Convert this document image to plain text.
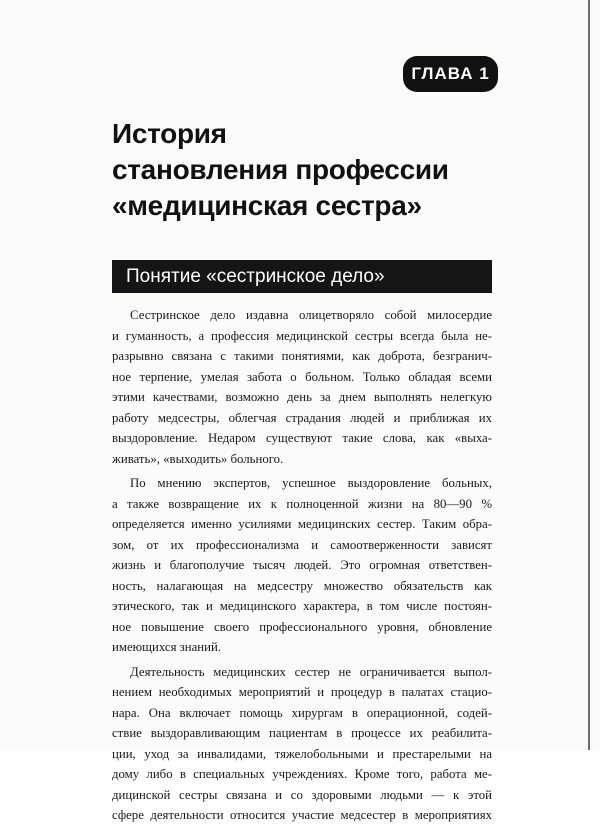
ГЛАВА 1
История
становления профессии
«медицинская сестра»
Понятие «сестринское дело»
Сестринское дело издавна олицетворяло собой милосердие
и гуманность, а профессия медицинской сестры всегда была не-
разрывно связана с такими понятиями, как доброта, безгранич-
ное терпение, умелая забота о больном. Только обладая всеми
этими качествами, возможно день за днем выполнять нелегкую
работу медсестры, облегчая страдания людей и приближая их
выздоровление. Недаром существуют такие слова, как «выха-
живать», «выходить» больного.
По мнению экспертов, успешное выздоровление больных,
а также возвращение их к полноценной жизни на 80—90 %
определяется именно усилиями медицинских сестер. Таким обра-
зом, от их профессионализма и самоотверженности зависят
жизнь и благополучие тысяч людей. Это огромная ответствен-
ность, налагающая на медсестру множество обязательств как
этического, так и медицинского характера, в том числе постоян-
ное повышение своего профессионального уровня, обновление
имеющихся знаний.
Деятельность медицинских сестер не ограничивается выпол-
нением необходимых мероприятий и процедур в палатах стацио-
нара. Она включает помощь хирургам в операционной, содей-
ствие выздоравливающим пациентам в процессе их реабилита-
ции, уход за инвалидами, тяжелобольными и престарелыми на
дому либо в специальных учреждениях. Кроме того, работа ме-
дицинской сестры связана и со здоровыми людьми — к этой
сфере деятельности относится участие медсестер в мероприятиях
